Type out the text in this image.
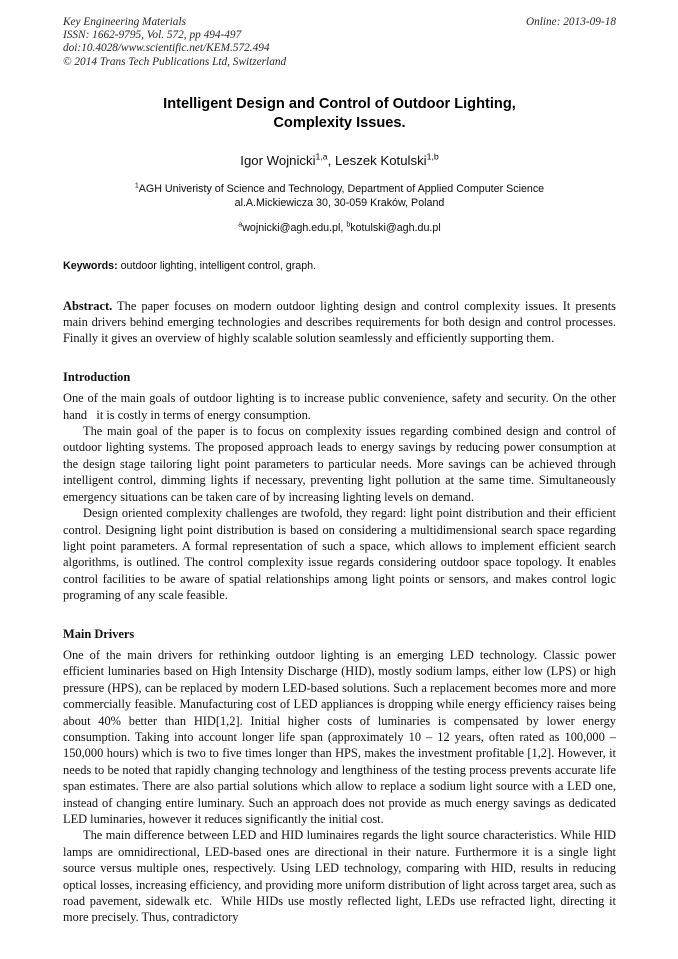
Key Engineering Materials	Online: 2013-09-18
ISSN: 1662-9795, Vol. 572, pp 494-497
doi:10.4028/www.scientific.net/KEM.572.494
© 2014 Trans Tech Publications Ltd, Switzerland
Intelligent Design and Control of Outdoor Lighting,
Complexity Issues.
Igor Wojnicki$^{1,a}$, Leszek Kotulski$^{1,b}$
$^1$AGH Univeristy of Science and Technology, Department of Applied Computer Science
al.A.Mickiewicza 30, 30-059 Kraków, Poland
$^a$wojnicki@agh.edu.pl, $^b$kotulski@agh.du.pl
Keywords: outdoor lighting, intelligent control, graph.

Abstract. The paper focuses on modern outdoor lighting design and control complexity issues. It presents main drivers behind emerging technologies and describes requirements for both design and control processes. Finally it gives an overview of highly scalable solution seamlessly and efficiently supporting them.

Introduction

One of the main goals of outdoor lighting is to increase public convenience, safety and security. On the other hand   it is costly in terms of energy consumption.

The main goal of the paper is to focus on complexity issues regarding combined design and control of outdoor lighting systems. The proposed approach leads to energy savings by reducing power consumption at the design stage tailoring light point parameters to particular needs. More savings can be achieved through intelligent control, dimming lights if necessary, preventing light pollution at the same time. Simultaneously emergency situations can be taken care of by increasing lighting levels on demand.

Design oriented complexity challenges are twofold, they regard: light point distribution and their efficient control. Designing light point distribution is based on considering a multidimensional search space regarding light point parameters. A formal representation of such a space, which allows to implement efficient search algorithms, is outlined. The control complexity issue regards considering outdoor space topology. It enables control facilities to be aware of spatial relationships among light points or sensors, and makes control logic programing of any scale feasible.

Main Drivers

One of the main drivers for rethinking outdoor lighting is an emerging LED technology. Classic power efficient luminaries based on High Intensity Discharge (HID), mostly sodium lamps, either low (LPS) or high pressure (HPS), can be replaced by modern LED-based solutions. Such a replacement becomes more and more commercially feasible. Manufacturing cost of LED appliances is dropping while energy efficiency raises being about 40% better than HID[1,2]. Initial higher costs of luminaries is compensated by lower energy consumption. Taking into account longer life span (approximately 10 – 12 years, often rated as 100,000 – 150,000 hours) which is two to five times longer than HPS, makes the investment profitable [1,2]. However, it needs to be noted that rapidly changing technology and lengthiness of the testing process prevents accurate life span estimates. There are also partial solutions which allow to replace a sodium light source with a LED one, instead of changing entire luminary. Such an approach does not provide as much energy savings as dedicated LED luminaries, however it reduces significantly the initial cost.

The main difference between LED and HID luminaires regards the light source characteristics. While HID lamps are omnidirectional, LED-based ones are directional in their nature. Furthermore it is a single light source versus multiple ones, respectively. Using LED technology, comparing with HID, results in reducing optical losses, increasing efficiency, and providing more uniform distribution of light across target area, such as road pavement, sidewalk etc.  While HIDs use mostly reflected light, LEDs use refracted light, directing it more precisely. Thus, contradictory
